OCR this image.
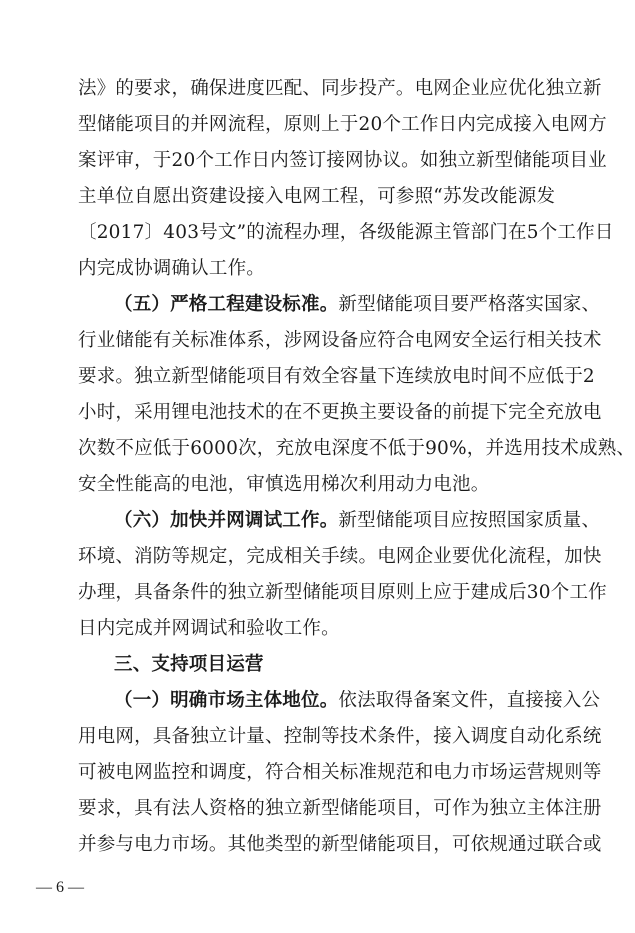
法》的要求，确保进度匹配、同步投产。电网企业应优化独立新
型储能项目的并网流程，原则上于20个工作日内完成接入电网方
案评审，于20个工作日内签订接网协议。如独立新型储能项目业
主单位自愿出资建设接入电网工程，可参照“苏发改能源发
〔2017〕403号文”的流程办理，各级能源主管部门在5个工作日
内完成协调确认工作。
（五）严格工程建设标准。新型储能项目要严格落实国家、
行业储能有关标准体系，涉网设备应符合电网安全运行相关技术
要求。独立新型储能项目有效全容量下连续放电时间不应低于2
小时，采用锂电池技术的在不更换主要设备的前提下完全充放电
次数不应低于6000次，充放电深度不低于90%，并选用技术成熟、
安全性能高的电池，审慎选用梯次利用动力电池。
（六）加快并网调试工作。新型储能项目应按照国家质量、
环境、消防等规定，完成相关手续。电网企业要优化流程，加快
办理，具备条件的独立新型储能项目原则上应于建成后30个工作
日内完成并网调试和验收工作。
三、支持项目运营
（一）明确市场主体地位。依法取得备案文件，直接接入公
用电网，具备独立计量、控制等技术条件，接入调度自动化系统
可被电网监控和调度，符合相关标准规范和电力市场运营规则等
要求，具有法人资格的独立新型储能项目，可作为独立主体注册
并参与电力市场。其他类型的新型储能项目，可依规通过联合或
— 6 —
